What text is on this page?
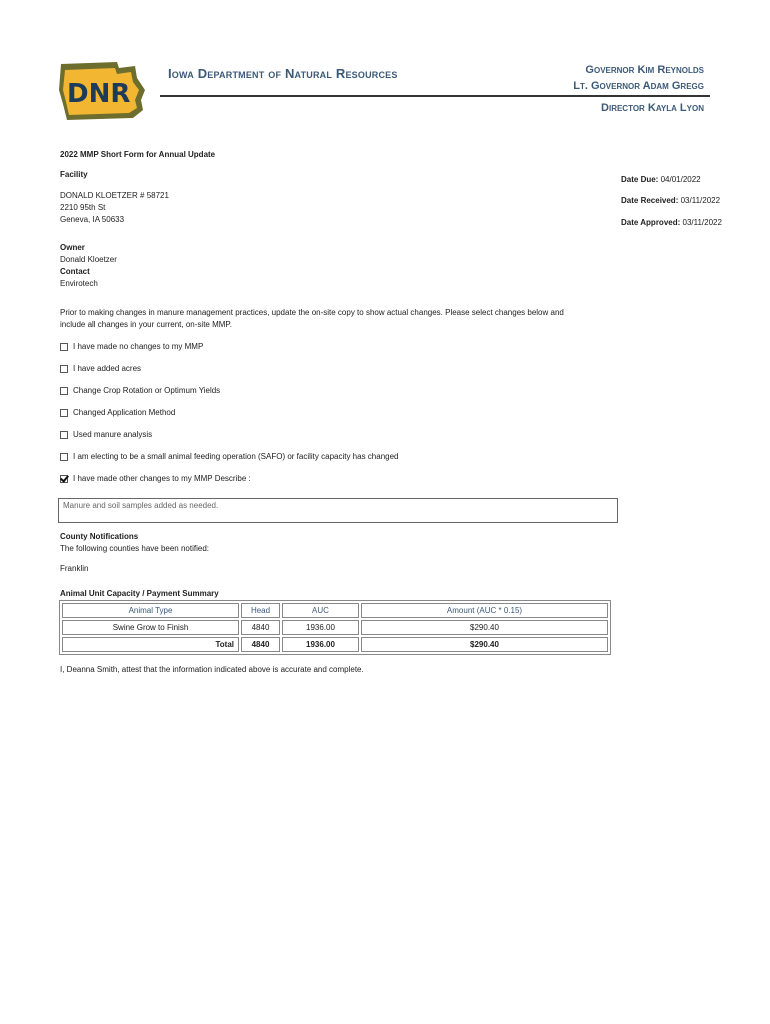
DNR
Iowa Department of Natural Resources	Governor Kim Reynolds
Lt. Governor Adam Gregg
Director Kayla Lyon
2022 MMP Short Form for Annual Update
Facility
DONALD KLOETZER # 58721
2210 95th St
Geneva, IA 50633
Date Due: 04/01/2022
Date Received: 03/11/2022
Date Approved: 03/11/2022
Owner
Donald Kloetzer
Contact
Envirotech
Prior to making changes in manure management practices, update the on-site copy to show actual changes. Please select changes below and
include all changes in your current, on-site MMP.
I have made no changes to my MMP
I have added acres
Change Crop Rotation or Optimum Yields
Changed Application Method
Used manure analysis
I am electing to be a small animal feeding operation (SAFO) or facility capacity has changed
I have made other changes to my MMP Describe :
Manure and soil samples added as needed.
County Notifications
The following counties have been notified:
Franklin
Animal Unit Capacity / Payment Summary
Animal Type	Head	AUC	Amount (AUC * 0.15)
Swine Grow to Finish	4840	1936.00	$290.40
Total	4840	1936.00	$290.40
I, Deanna Smith, attest that the information indicated above is accurate and complete.
